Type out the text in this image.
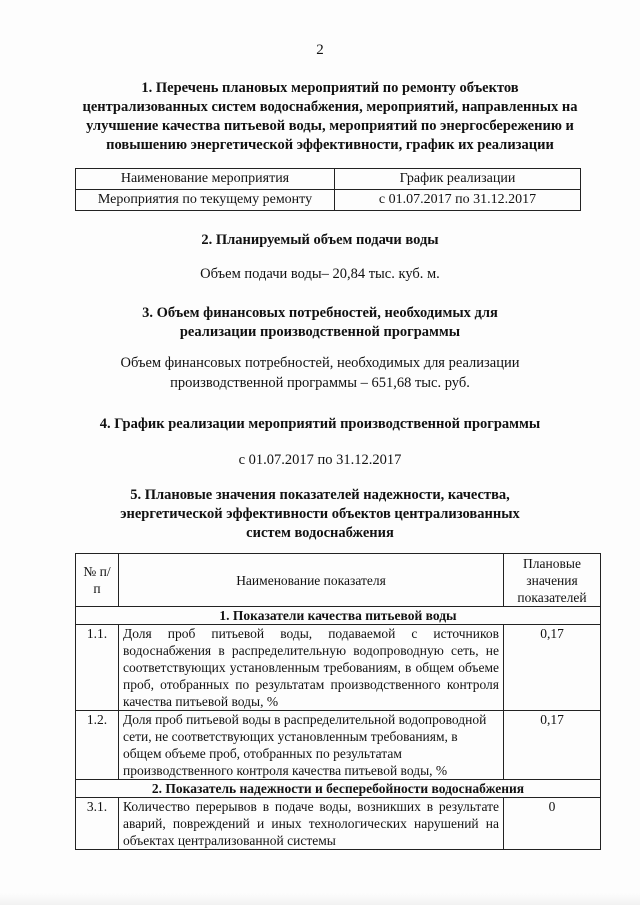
2
1. Перечень плановых мероприятий по ремонту объектов
централизованных систем водоснабжения, мероприятий, направленных на
улучшение качества питьевой воды, мероприятий по энергосбережению и
повышению энергетической эффективности, график их реализации
Наименование мероприятия	График реализации
Мероприятия по текущему ремонту	с 01.07.2017 по 31.12.2017
2. Планируемый объем подачи воды
Объем подачи воды– 20,84 тыс. куб. м.
3. Объем финансовых потребностей, необходимых для
реализации производственной программы
Объем финансовых потребностей, необходимых для реализации
производственной программы – 651,68 тыс. руб.
4. График реализации мероприятий производственной программы
с 01.07.2017 по 31.12.2017
5. Плановые значения показателей надежности, качества,
энергетической эффективности объектов централизованных
систем водоснабжения
№ п/п	Наименование показателя	Плановые
значения
показателей

1. Показатели качества питьевой воды		
1.1.	Доля проб питьевой воды, подаваемой с источников водоснабжения в распределительную водопроводную сеть, не соответствующих установленным требованиям, в общем объеме проб, отобранных по результатам производственного контроля качества питьевой воды, %	0,17
1.2.	Доля проб питьевой воды в распределительной водопроводной сети, не соответствующих установленным требованиям, в общем объеме проб, отобранных по результатам производственного контроля качества питьевой воды, %	0,17
2. Показатель надежности и бесперебойности водоснабжения		
3.1.	Количество перерывов в подаче воды, возникших в результате аварий, повреждений и иных технологических нарушений на объектах централизованной системы	0
